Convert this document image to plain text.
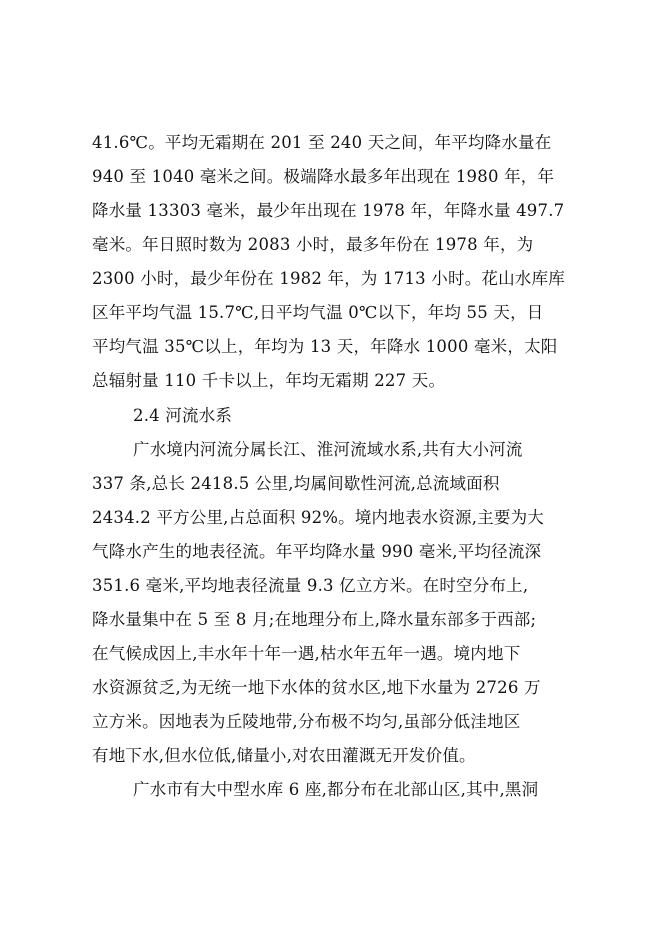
41.6℃。平均无霜期在 201 至 240 天之间，年平均降水量在
940 至 1040 毫米之间。极端降水最多年出现在 1980 年，年
降水量 13303 毫米，最少年出现在 1978 年，年降水量 497.7
毫米。年日照时数为 2083 小时，最多年份在 1978 年，为
2300 小时，最少年份在 1982 年，为 1713 小时。花山水库库
区年平均气温 15.7℃,日平均气温 0℃以下，年均 55 天，日
平均气温 35℃以上，年均为 13 天，年降水 1000 毫米，太阳
总辐射量 110 千卡以上，年均无霜期 227 天。
2.4 河流水系
广水境内河流分属长江、淮河流域水系,共有大小河流
337 条,总长 2418.5 公里,均属间歇性河流,总流域面积
2434.2 平方公里,占总面积 92%。境内地表水资源,主要为大
气降水产生的地表径流。年平均降水量 990 毫米,平均径流深
351.6 毫米,平均地表径流量 9.3 亿立方米。在时空分布上,
降水量集中在 5 至 8 月;在地理分布上,降水量东部多于西部;
在气候成因上,丰水年十年一遇,枯水年五年一遇。境内地下
水资源贫乏,为无统一地下水体的贫水区,地下水量为 2726 万
立方米。因地表为丘陵地带,分布极不均匀,虽部分低洼地区
有地下水,但水位低,储量小,对农田灌溉无开发价值。
广水市有大中型水库 6 座,都分布在北部山区,其中,黑洞
